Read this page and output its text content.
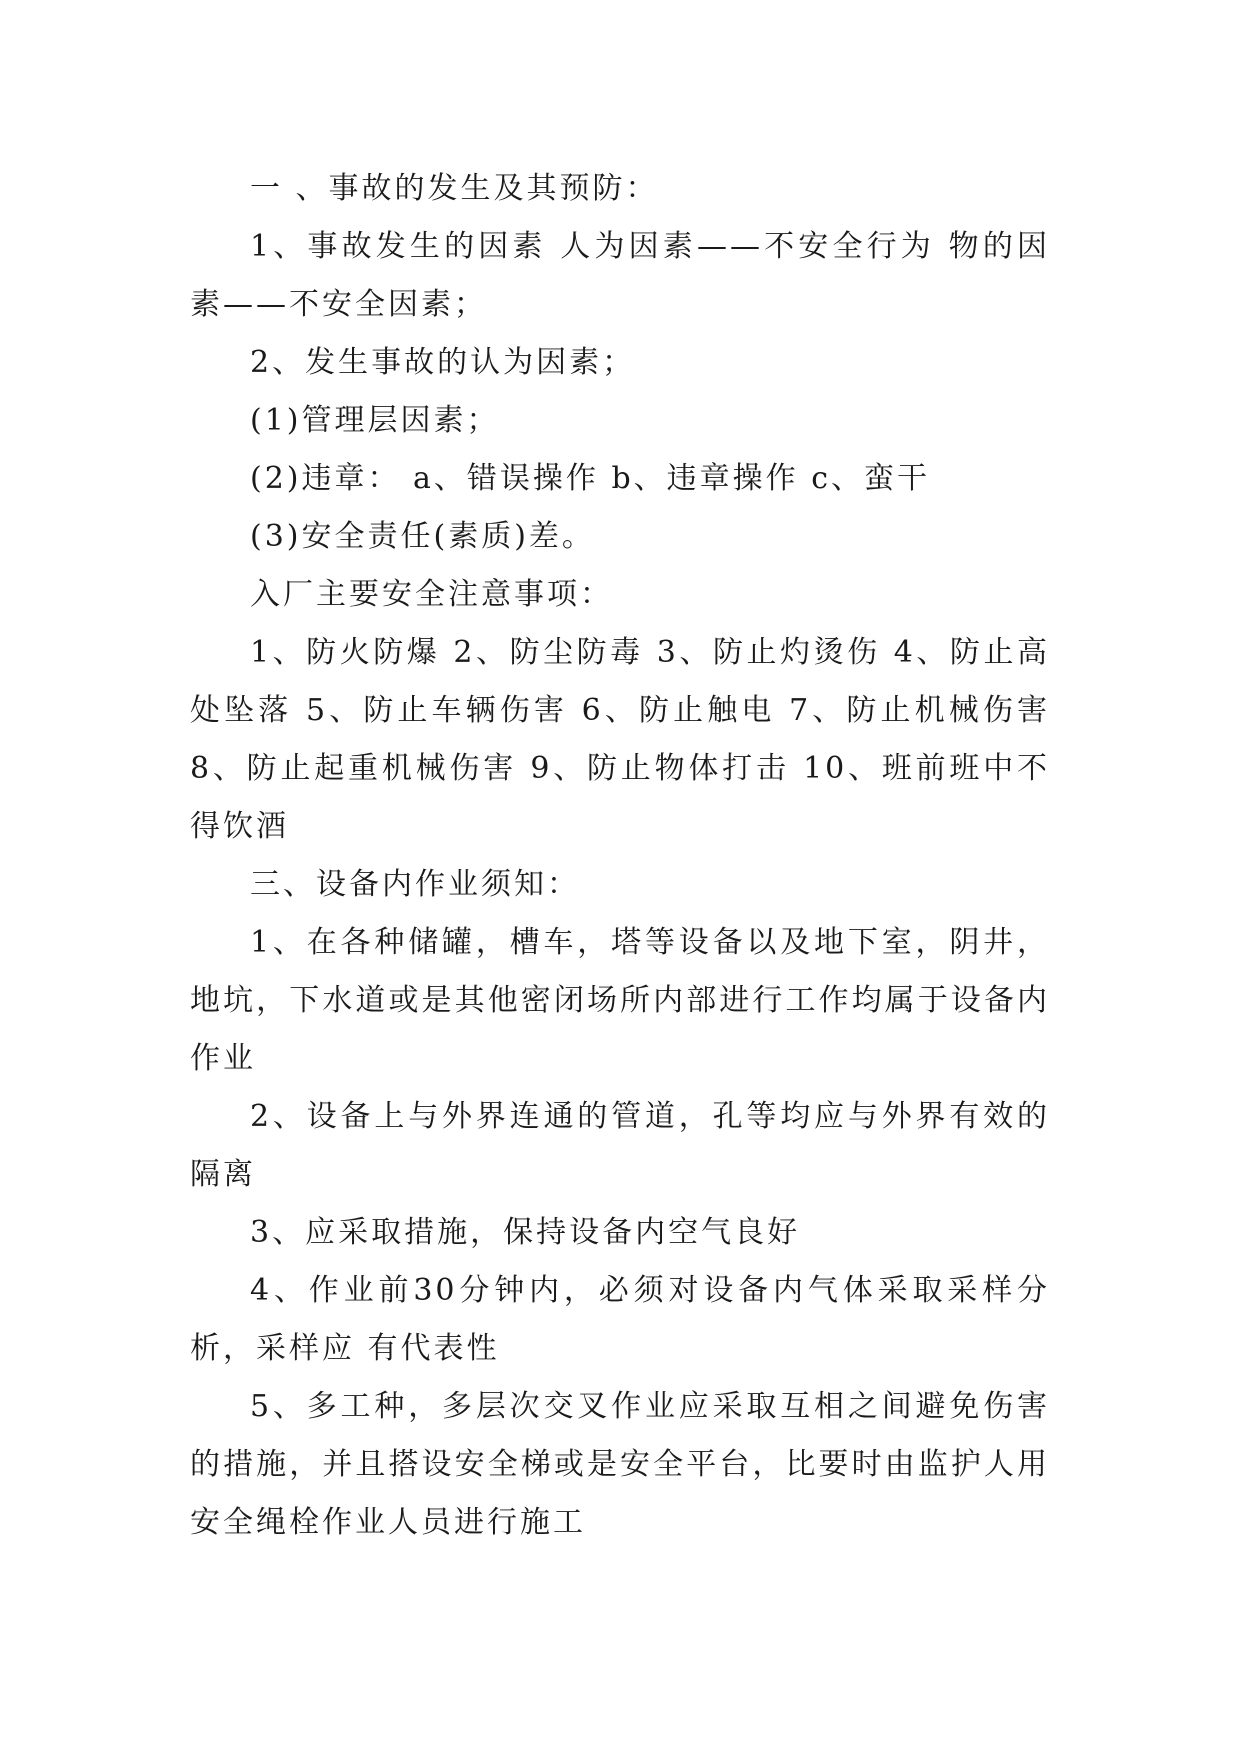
一 、事故的发生及其预防：

1、事故发生的因素 人为因素——不安全行为 物的因素——不安全因素；

2、发生事故的认为因素；

(1)管理层因素；

(2)违章： a、错误操作 b、违章操作 c、蛮干

(3)安全责任(素质)差。

入厂主要安全注意事项：

1、防火防爆 2、防尘防毒 3、防止灼烫伤 4、防止高处坠落 5、防止车辆伤害 6、防止触电 7、防止机械伤害 8、防止起重机械伤害 9、防止物体打击 10、班前班中不得饮酒

三、设备内作业须知：

1、在各种储罐，槽车，塔等设备以及地下室，阴井，地坑，下水道或是其他密闭场所内部进行工作均属于设备内作业

2、设备上与外界连通的管道，孔等均应与外界有效的隔离

3、应采取措施，保持设备内空气良好

4、作业前30分钟内，必须对设备内气体采取采样分析，采样应 有代表性

5、多工种，多层次交叉作业应采取互相之间避免伤害的措施，并且搭设安全梯或是安全平台，比要时由监护人用安全绳栓作业人员进行施工
